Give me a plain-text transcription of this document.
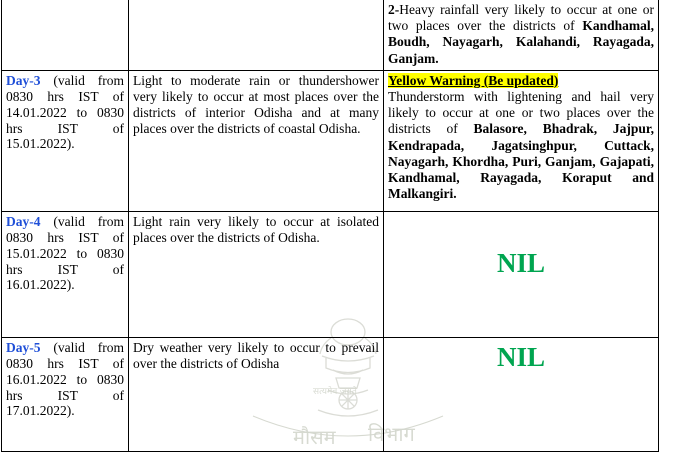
मौसम विभाग
सत्यमेव जयते
		2-Heavy rainfall very likely to occur at one or two places over the districts of Kandhamal, Boudh, Nayagarh, Kalahandi, Rayagada, Ganjam.
Day-3 (valid from 0830 hrs IST of 14.01.2022 to 0830 hrs IST of 15.01.2022).	Light to moderate rain or thundershower very likely to occur at most places over the districts of interior Odisha and at many places over the districts of coastal Odisha.	Yellow Warning (Be updated)
Thunderstorm with lightening and hail very likely to occur at one or two places over the districts of Balasore, Bhadrak, Jajpur, Kendrapada, Jagatsinghpur, Cuttack, Nayagarh, Khordha, Puri, Ganjam, Gajapati, Kandhamal, Rayagada, Koraput and Malkangiri.

Day-4 (valid from 0830 hrs IST of 15.01.2022 to 0830 hrs IST of 16.01.2022).	Light rain very likely to occur at isolated places over the districts of Odisha.	NIL

Day-5 (valid from 0830 hrs IST of 16.01.2022 to 0830 hrs IST of 17.01.2022).	Dry weather very likely to occur to prevail over the districts of Odisha	NIL
